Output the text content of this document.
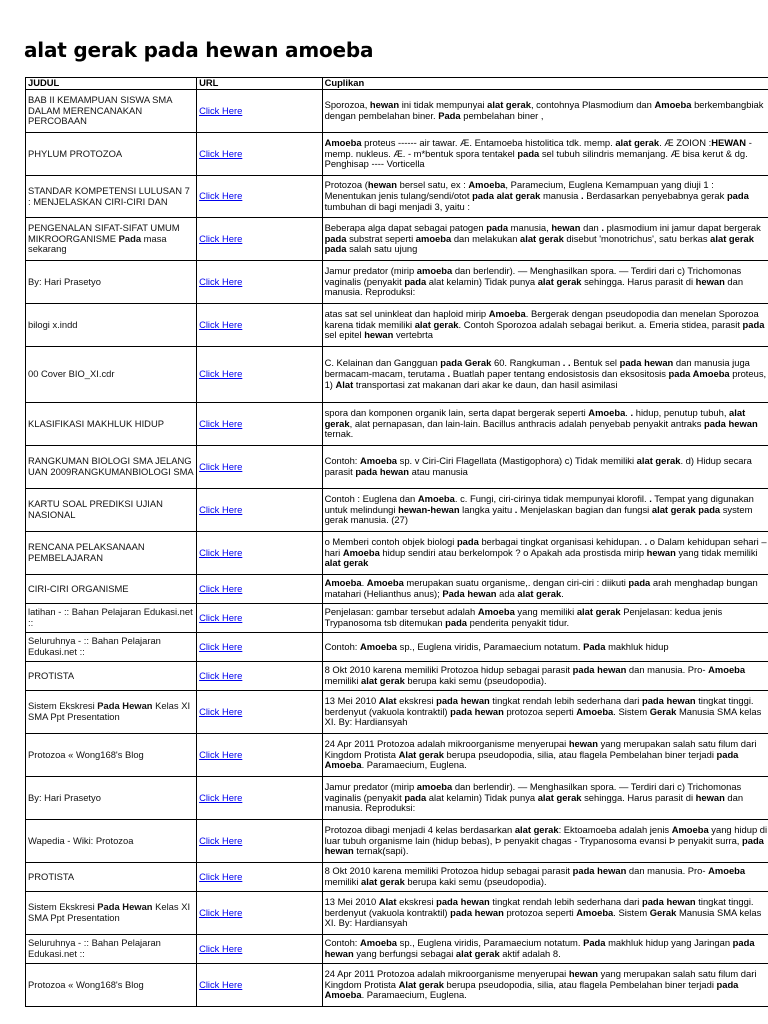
alat gerak pada hewan amoeba
JUDUL	URL	Cuplikan
BAB II KEMAMPUAN SISWA SMA DALAM MERENCANAKAN PERCOBAAN	Click Here	Sporozoa, hewan ini tidak mempunyai alat gerak, contohnya Plasmodium dan Amoeba berkembangbiak dengan pembelahan biner. Pada pembelahan biner ,
PHYLUM PROTOZOA	Click Here	Amoeba proteus ------ air tawar. Æ. Entamoeba histolitica tdk. memp. alat gerak. Æ ZOION :HEWAN - memp. nukleus. Æ. - m*bentuk spora tentakel pada sel tubuh silindris memanjang. Æ bisa kerut & dg. Penghisap ---- Vorticella
STANDAR KOMPETENSI LULUSAN 7 : MENJELASKAN CIRI-CIRI DAN	Click Here	Protozoa (hewan bersel satu, ex : Amoeba, Paramecium, Euglena Kemampuan yang diuji 1 : Menentukan jenis tulang/sendi/otot pada alat gerak manusia . Berdasarkan penyebabnya gerak pada tumbuhan di bagi menjadi 3, yaitu :
PENGENALAN SIFAT-SIFAT UMUM MIKROORGANISME Pada masa sekarang	Click Here	Beberapa alga dapat sebagai patogen pada manusia, hewan dan . plasmodium ini jamur dapat bergerak pada substrat seperti amoeba dan melakukan alat gerak disebut 'monotrichus', satu berkas alat gerak pada salah satu ujung
By: Hari Prasetyo	Click Here	Jamur predator (mirip amoeba dan berlendir). — Menghasilkan spora. — Terdiri dari c) Trichomonas vaginalis (penyakit pada alat kelamin) Tidak punya alat gerak sehingga. Harus parasit di hewan dan manusia. Reproduksi:
bilogi x.indd	Click Here	atas sat sel uninkleat dan haploid mirip Amoeba. Bergerak dengan pseudopodia dan menelan Sporozoa karena tidak memiliki alat gerak. Contoh Sporozoa adalah sebagai berikut. a. Emeria stidea, parasit pada sel epitel hewan vertebrta
00 Cover BIO_XI.cdr	Click Here	C. Kelainan dan Gangguan pada Gerak 60. Rangkuman . . Bentuk sel pada hewan dan manusia juga bermacam-macam, terutama . Buatlah paper tentang endosistosis dan eksositosis pada Amoeba proteus, 1) Alat transportasi zat makanan dari akar ke daun, dan hasil asimilasi
KLASIFIKASI MAKHLUK HIDUP	Click Here	spora dan komponen organik lain, serta dapat bergerak seperti Amoeba. . hidup, penutup tubuh, alat gerak, alat pernapasan, dan lain-lain. Bacillus anthracis adalah penyebab penyakit antraks pada hewan ternak.
RANGKUMAN BIOLOGI SMA JELANG UAN 2009RANGKUMANBIOLOGI SMA	Click Here	Contoh: Amoeba sp. v Ciri-Ciri Flagellata (Mastigophora) c) Tidak memiliki alat gerak. d) Hidup secara parasit pada hewan atau manusia
KARTU SOAL PREDIKSI UJIAN NASIONAL	Click Here	Contoh : Euglena dan Amoeba. c. Fungi, ciri-cirinya tidak mempunyai klorofil. . Tempat yang digunakan untuk melindungi hewan-hewan langka yaitu . Menjelaskan bagian dan fungsi alat gerak pada system gerak manusia. (27)
RENCANA PELAKSANAAN PEMBELAJARAN	Click Here	o Memberi contoh objek biologi pada berbagai tingkat organisasi kehidupan. . o Dalam kehidupan sehari – hari Amoeba hidup sendiri atau berkelompok ? o Apakah ada prostisda mirip hewan yang tidak memiliki alat gerak
CIRI-CIRI ORGANISME	Click Here	Amoeba. Amoeba merupakan suatu organisme,. dengan ciri-ciri : diikuti pada arah menghadap bungan matahari (Helianthus anus); Pada hewan ada alat gerak.
latihan - :: Bahan Pelajaran Edukasi.net ::	Click Here	Penjelasan: gambar tersebut adalah Amoeba yang memiliki alat gerak Penjelasan: kedua jenis Trypanosoma tsb ditemukan pada penderita penyakit tidur.
Seluruhnya - :: Bahan Pelajaran Edukasi.net ::	Click Here	Contoh: Amoeba sp., Euglena viridis, Paramaecium notatum. Pada makhluk hidup
PROTISTA	Click Here	8 Okt 2010 karena memiliki Protozoa hidup sebagai parasit pada hewan dan manusia. Pro- Amoeba memiliki alat gerak berupa kaki semu (pseudopodia).
Sistem Ekskresi Pada Hewan Kelas XI SMA Ppt Presentation	Click Here	13 Mei 2010 Alat ekskresi pada hewan tingkat rendah lebih sederhana dari pada hewan tingkat tinggi. berdenyut (vakuola kontraktil) pada hewan protozoa seperti Amoeba. Sistem Gerak Manusia SMA kelas XI. By: Hardiansyah
Protozoa « Wong168's Blog	Click Here	24 Apr 2011 Protozoa adalah mikroorganisme menyerupai hewan yang merupakan salah satu filum dari Kingdom Protista Alat gerak berupa pseudopodia, silia, atau flagela Pembelahan biner terjadi pada Amoeba. Paramaecium, Euglena.
By: Hari Prasetyo	Click Here	Jamur predator (mirip amoeba dan berlendir). — Menghasilkan spora. — Terdiri dari c) Trichomonas vaginalis (penyakit pada alat kelamin) Tidak punya alat gerak sehingga. Harus parasit di hewan dan manusia. Reproduksi:
Wapedia - Wiki: Protozoa	Click Here	Protozoa dibagi menjadi 4 kelas berdasarkan alat gerak: Ektoamoeba adalah jenis Amoeba yang hidup di luar tubuh organisme lain (hidup bebas), Þ penyakit chagas - Trypanosoma evansi Þ penyakit surra, pada hewan ternak(sapi).
PROTISTA	Click Here	8 Okt 2010 karena memiliki Protozoa hidup sebagai parasit pada hewan dan manusia. Pro- Amoeba memiliki alat gerak berupa kaki semu (pseudopodia).
Sistem Ekskresi Pada Hewan Kelas XI SMA Ppt Presentation	Click Here	13 Mei 2010 Alat ekskresi pada hewan tingkat rendah lebih sederhana dari pada hewan tingkat tinggi. berdenyut (vakuola kontraktil) pada hewan protozoa seperti Amoeba. Sistem Gerak Manusia SMA kelas XI. By: Hardiansyah
Seluruhnya - :: Bahan Pelajaran Edukasi.net ::	Click Here	Contoh: Amoeba sp., Euglena viridis, Paramaecium notatum. Pada makhluk hidup yang Jaringan pada hewan yang berfungsi sebagai alat gerak aktif adalah 8.
Protozoa « Wong168's Blog	Click Here	24 Apr 2011 Protozoa adalah mikroorganisme menyerupai hewan yang merupakan salah satu filum dari Kingdom Protista Alat gerak berupa pseudopodia, silia, atau flagela Pembelahan biner terjadi pada Amoeba. Paramaecium, Euglena.
